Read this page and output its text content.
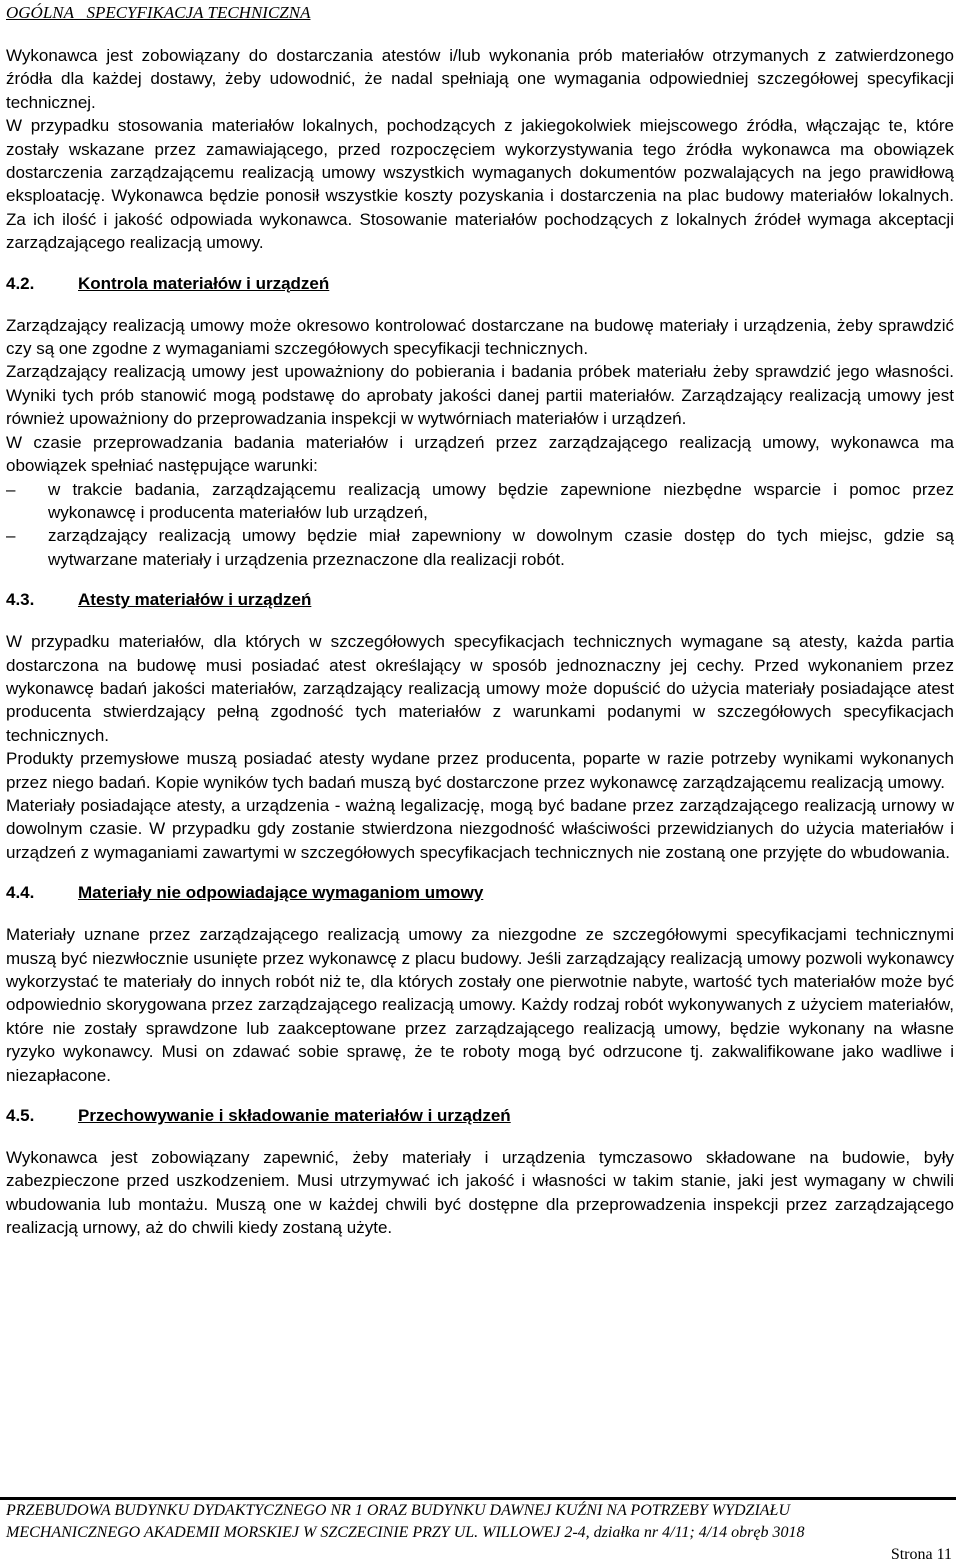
OGÓLNA   SPECYFIKACJA TECHNICZNA

Wykonawca jest zobowiązany do dostarczania atestów i/lub wykonania prób materiałów otrzymanych z zatwierdzonego źródła dla każdej dostawy, żeby udowodnić, że nadal spełniają one wymagania odpowiedniej szczegółowej specyfikacji technicznej.

W przypadku stosowania materiałów lokalnych, pochodzących z jakiegokolwiek miejscowego źródła, włączając te, które zostały wskazane przez zamawiającego, przed rozpoczęciem wykorzystywania tego źródła wykonawca ma obowiązek dostarczenia zarządzającemu realizacją umowy wszystkich wymaganych dokumentów pozwalających na jego prawidłową eksploatację. Wykonawca będzie ponosił wszystkie koszty pozyskania i dostarczenia na plac budowy materiałów lokalnych. Za ich ilość i jakość odpowiada wykonawca. Stosowanie materiałów pochodzących z lokalnych źródeł wymaga akceptacji zarządzającego realizacją umowy.

4.2.	Kontrola materiałów i urządzeń

Zarządzający realizacją umowy może okresowo kontrolować dostarczane na budowę materiały i urządzenia, żeby sprawdzić czy są one zgodne z wymaganiami szczegółowych specyfikacji technicznych.

Zarządzający realizacją umowy jest upoważniony do pobierania i badania próbek materiału żeby sprawdzić jego własności. Wyniki tych prób stanowić mogą podstawę do aprobaty jakości danej partii materiałów. Zarządzający realizacją umowy jest również upoważniony do przeprowadzania inspekcji w wytwórniach materiałów i urządzeń.

W czasie przeprowadzania badania materiałów i urządzeń przez zarządzającego realizacją umowy, wykonawca ma obowiązek spełniać następujące warunki:

– w trakcie badania, zarządzającemu realizacją umowy będzie zapewnione niezbędne wsparcie i pomoc przez wykonawcę i producenta materiałów lub urządzeń,
– zarządzający realizacją umowy będzie miał zapewniony w dowolnym czasie dostęp do tych miejsc, gdzie są wytwarzane materiały i urządzenia przeznaczone dla realizacji robót.
4.3.	Atesty materiałów i urządzeń

W przypadku materiałów, dla których w szczegółowych specyfikacjach technicznych wymagane są atesty, każda partia dostarczona na budowę musi posiadać atest określający w sposób jednoznaczny jej cechy. Przed wykonaniem przez wykonawcę badań jakości materiałów, zarządzający realizacją umowy może dopuścić do użycia materiały posiadające atest producenta stwierdzający pełną zgodność tych materiałów z warunkami podanymi w szczegółowych specyfikacjach technicznych.

Produkty przemysłowe muszą posiadać atesty wydane przez producenta, poparte w razie potrzeby wynikami wykonanych przez niego badań. Kopie wyników tych badań muszą być dostarczone przez wykonawcę zarządzającemu realizacją umowy.

Materiały posiadające atesty, a urządzenia - ważną legalizację, mogą być badane przez zarządzającego realizacją urnowy w dowolnym czasie. W przypadku gdy zostanie stwierdzona niezgodność właściwości przewidzianych do użycia materiałów i urządzeń z wymaganiami zawartymi w szczegółowych specyfikacjach technicznych nie zostaną one przyjęte do wbudowania.

4.4.	Materiały nie odpowiadające wymaganiom umowy

Materiały uznane przez zarządzającego realizacją umowy za niezgodne ze szczegółowymi specyfikacjami technicznymi muszą być niezwłocznie usunięte przez wykonawcę z placu budowy. Jeśli zarządzający realizacją umowy pozwoli wykonawcy wykorzystać te materiały do innych robót niż te, dla których zostały one pierwotnie nabyte, wartość tych materiałów może być odpowiednio skorygowana przez zarządzającego realizacją umowy. Każdy rodzaj robót wykonywanych z użyciem materiałów, które nie zostały sprawdzone lub zaakceptowane przez zarządzającego realizacją umowy, będzie wykonany na własne ryzyko wykonawcy. Musi on zdawać sobie sprawę, że te roboty mogą być odrzucone tj. zakwalifikowane jako wadliwe i niezapłacone.

4.5.	Przechowywanie i składowanie materiałów i urządzeń

Wykonawca jest zobowiązany zapewnić, żeby materiały i urządzenia tymczasowo składowane na budowie, były zabezpieczone przed uszkodzeniem. Musi utrzymywać ich jakość i własności w takim stanie, jaki jest wymagany w chwili wbudowania lub montażu. Muszą one w każdej chwili być dostępne dla przeprowadzenia inspekcji przez zarządzającego realizacją urnowy, aż do chwili kiedy zostaną użyte.

PRZEBUDOWA BUDYNKU DYDAKTYCZNEGO NR 1 ORAZ BUDYNKU DAWNEJ KUŹNI NA POTRZEBY WYDZIAŁU
MECHANICZNEGO AKADEMII MORSKIEJ W SZCZECINIE PRZY UL. WILLOWEJ 2-4, działka nr 4/11; 4/14 obręb 3018
Strona 11
